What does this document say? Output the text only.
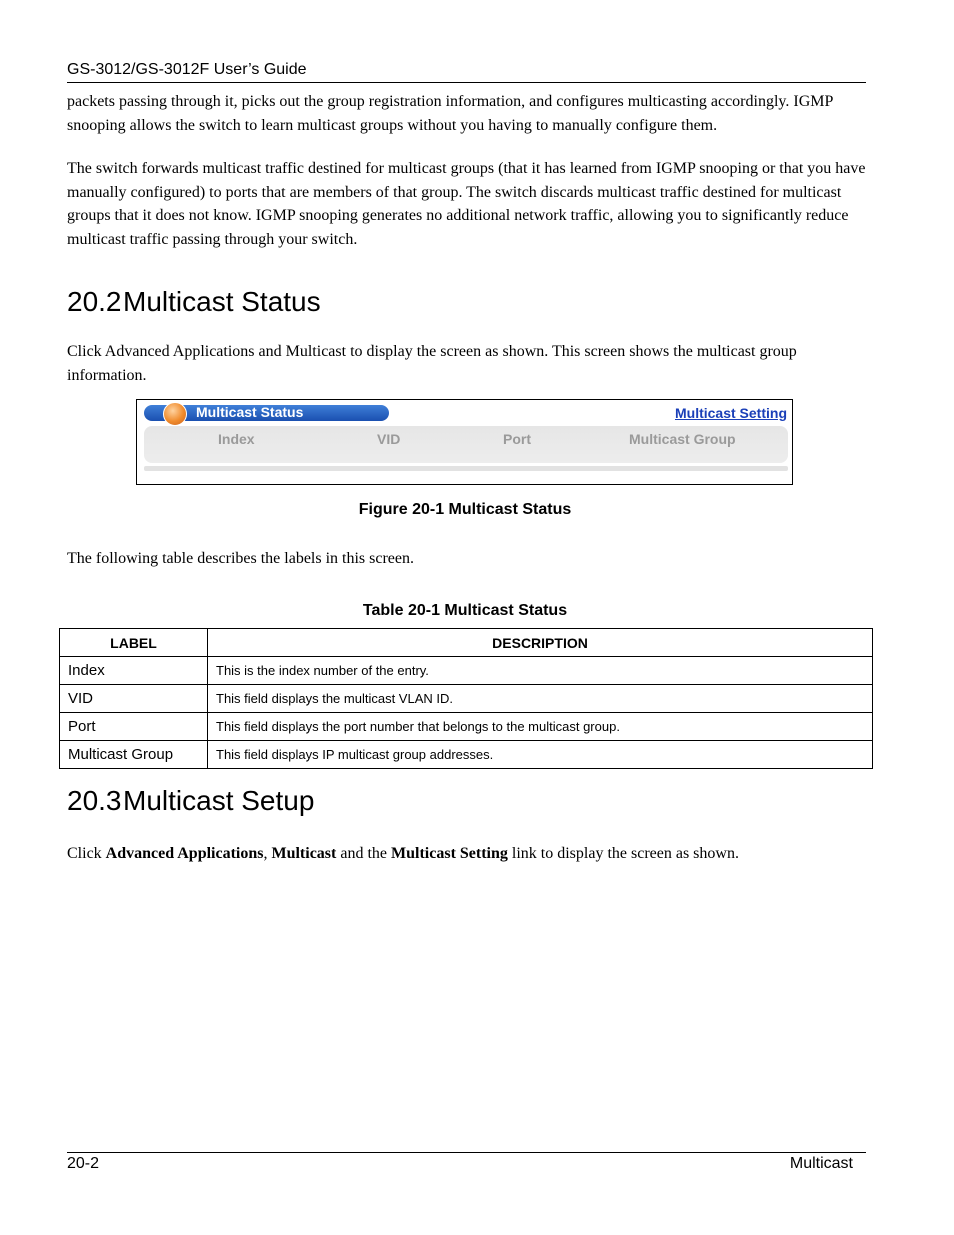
GS-3012/GS-3012F User’s Guide
packets passing through it, picks out the group registration information, and configures multicasting accordingly. IGMP snooping allows the switch to learn multicast groups without you having to manually configure them.
The switch forwards multicast traffic destined for multicast groups (that it has learned from IGMP snooping or that you have manually configured) to ports that are members of that group. The switch discards multicast traffic destined for multicast groups that it does not know. IGMP snooping generates no additional network traffic, allowing you to significantly reduce multicast traffic passing through your switch.
20.2Multicast Status
Click Advanced Applications and Multicast to display the screen as shown. This screen shows the multicast group information.
Multicast Status	Multicast Setting
Index	VID	Port	Multicast Group
Figure 20-1 Multicast Status
The following table describes the labels in this screen.
Table 20-1 Multicast Status
LABEL	DESCRIPTION
Index	This is the index number of the entry.
VID	This field displays the multicast VLAN ID.
Port	This field displays the port number that belongs to the multicast group.
Multicast Group	This field displays IP multicast group addresses.
20.3Multicast Setup
Click Advanced Applications, Multicast and the Multicast Setting link to display the screen as shown.
20-2	Multicast
